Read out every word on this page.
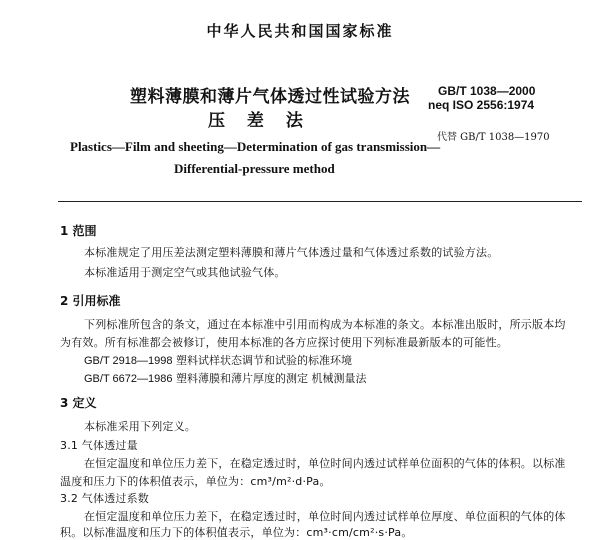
中华人民共和国国家标准
塑料薄膜和薄片气体透过性试验方法
压 差 法
GB/T 1038—2000
neq ISO 2556:1974
代替 GB/T 1038—1970
Plastics—Film and sheeting—Determination of gas transmission—
Differential-pressure method
1 范围
本标准规定了用压差法测定塑料薄膜和薄片气体透过量和气体透过系数的试验方法。
本标准适用于测定空气或其他试验气体。
2 引用标准
下列标准所包含的条文，通过在本标准中引用而构成为本标准的条文。本标准出版时，所示版本均
为有效。所有标准都会被修订，使用本标准的各方应探讨使用下列标准最新版本的可能性。
GB/T 2918—1998 塑料试样状态调节和试验的标准环境
GB/T 6672—1986 塑料薄膜和薄片厚度的测定 机械测量法
3 定义
本标准采用下列定义。
3.1 气体透过量
在恒定温度和单位压力差下，在稳定透过时，单位时间内透过试样单位面积的气体的体积。以标准
温度和压力下的体积值表示，单位为：cm³/m²·d·Pa。
3.2 气体透过系数
在恒定温度和单位压力差下，在稳定透过时，单位时间内透过试样单位厚度、单位面积的气体的体
积。以标准温度和压力下的体积值表示，单位为：cm³·cm/cm²·s·Pa。
